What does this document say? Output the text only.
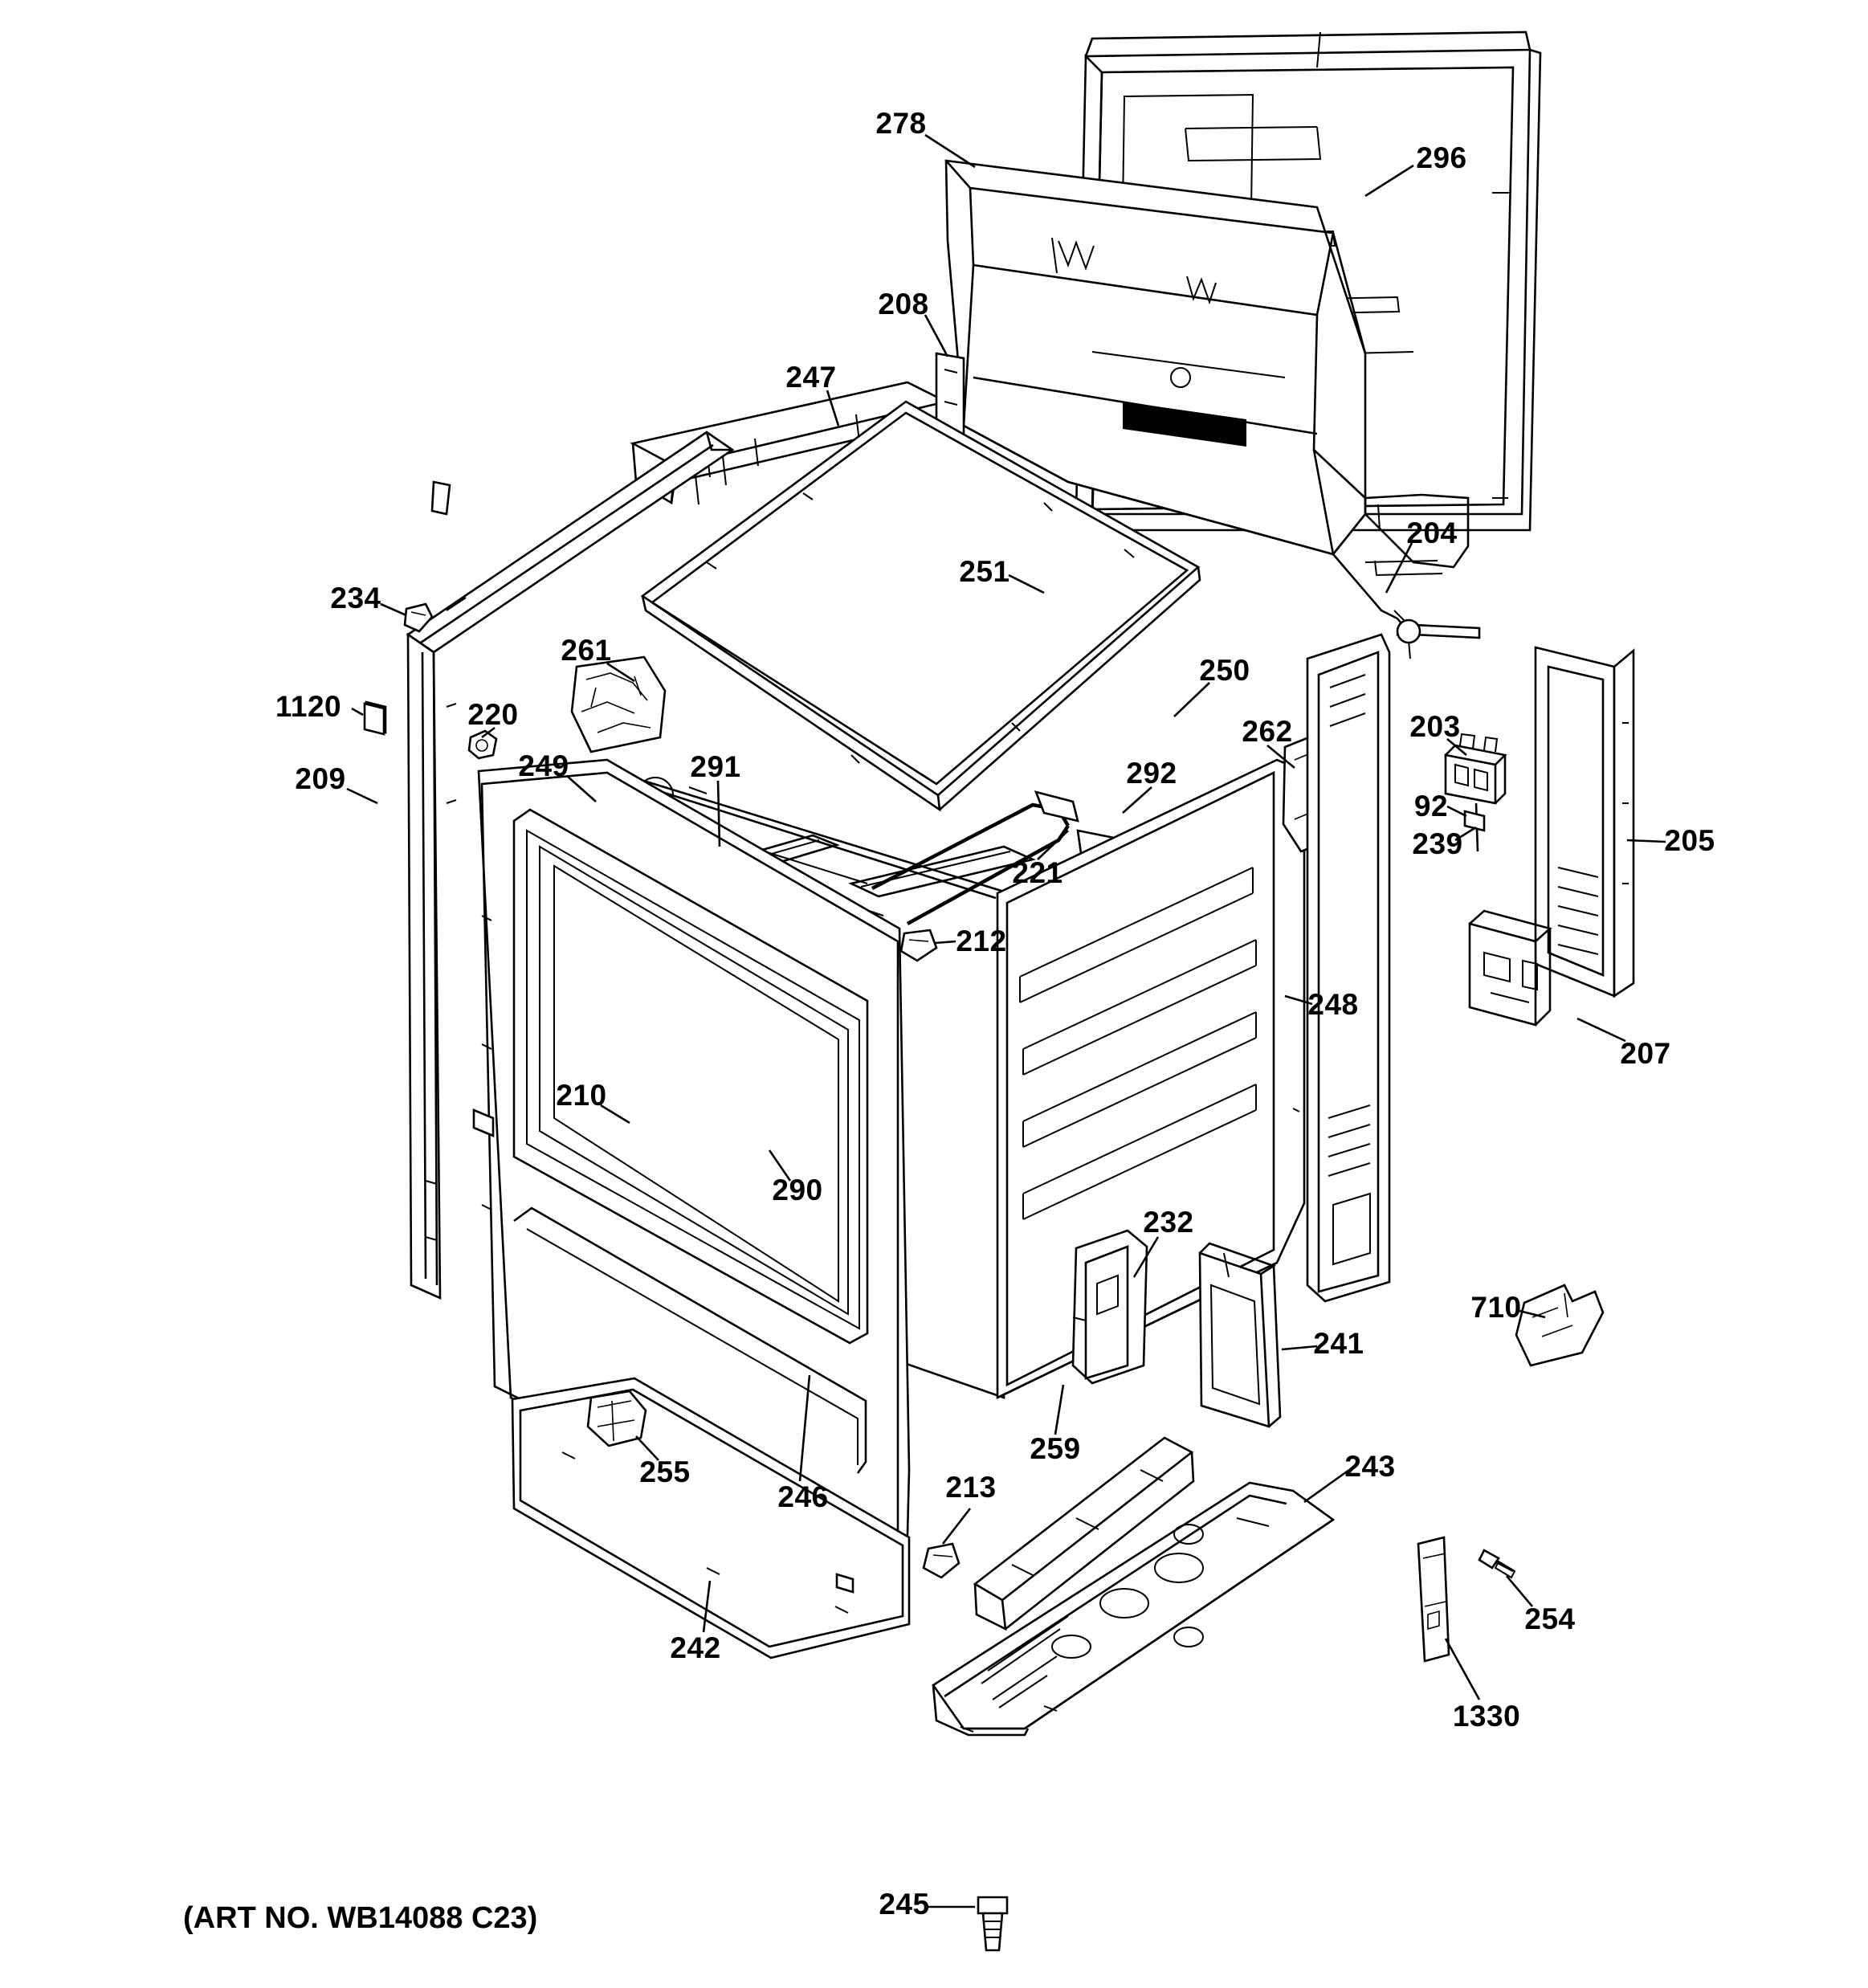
278
296
208
247
204
251
234
261
250
1120	220
262	203
249	291
209	292
92
205
239
221
212
248
207
210
290
232
710
241
255
259
213
243
246
254
242
1330
245
(ART NO. WB14088 C23)
